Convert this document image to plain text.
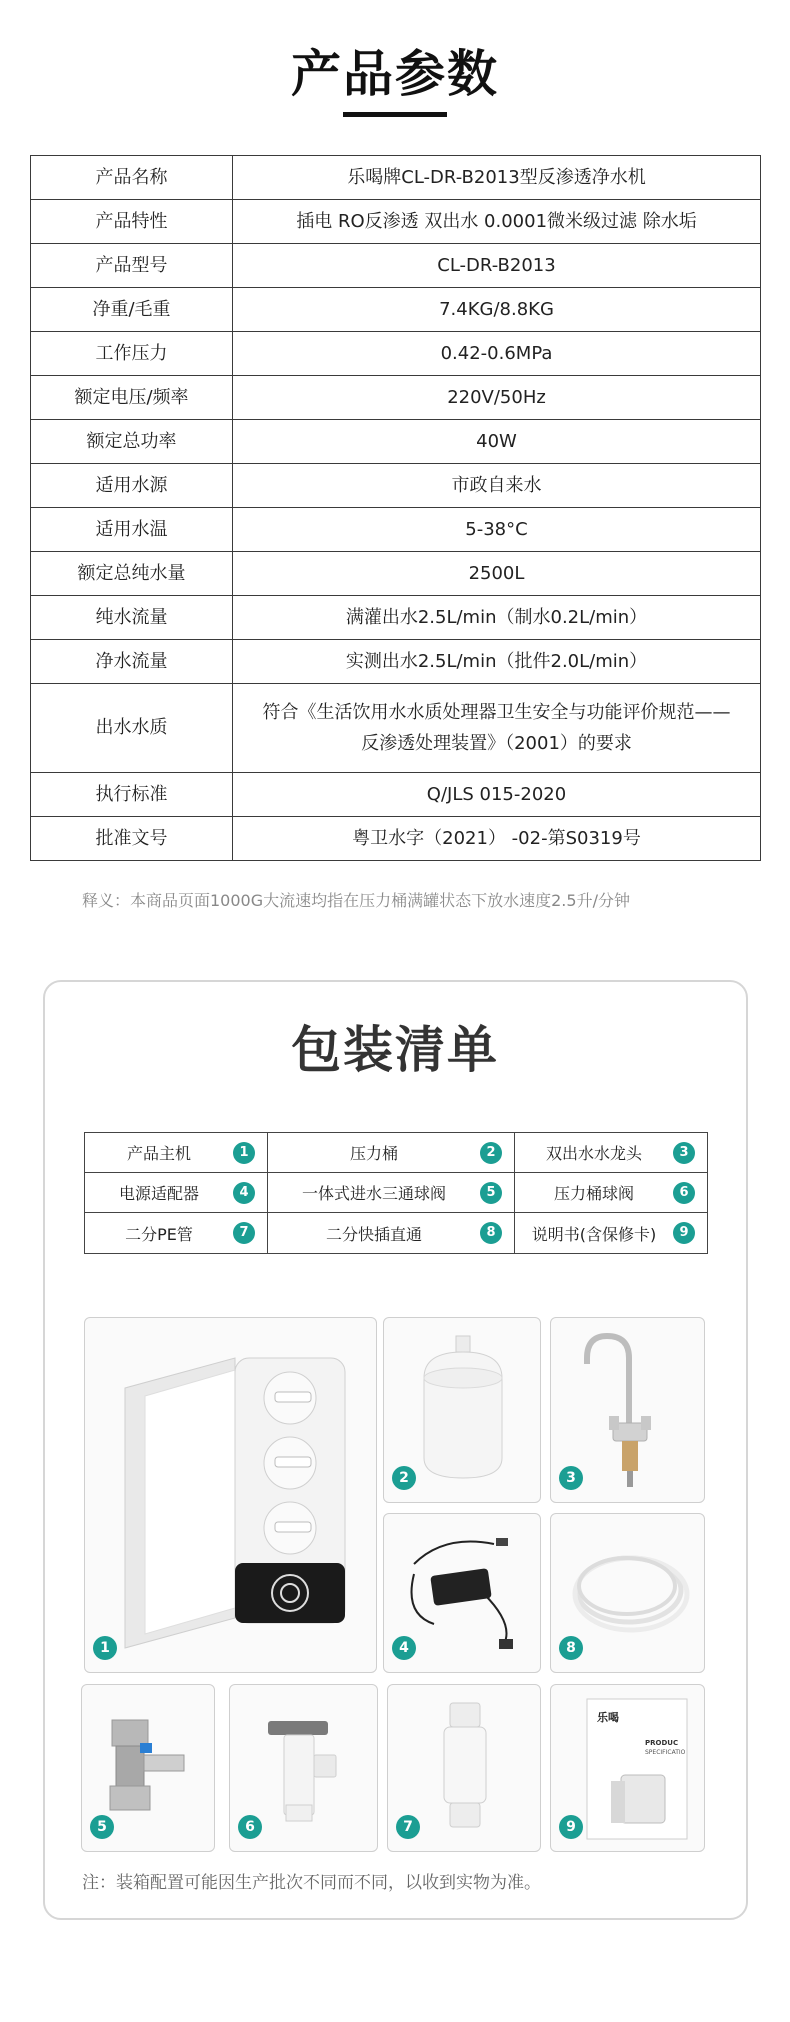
产品参数
产品名称	乐喝牌CL-DR-B2013型反渗透净水机
产品特性	插电 RO反渗透 双出水 0.0001微米级过滤 除水垢
产品型号	CL-DR-B2013
净重/毛重	7.4KG/8.8KG
工作压力	0.42-0.6MPa
额定电压/频率	220V/50Hz
额定总功率	40W
适用水源	市政自来水
适用水温	5-38°C
额定总纯水量	2500L
纯水流量	满灌出水2.5L/min（制水0.2L/min）
净水流量	实测出水2.5L/min（批件2.0L/min）
出水水质	符合《生活饮用水水质处理器卫生安全与功能评价规范——
反渗透处理装置》（2001）的要求

执行标准	Q/JLS 015-2020
批准文号	粤卫水字（2021） -02-第S0319号
释义：本商品页面1000G大流速均指在压力桶满罐状态下放水速度2.5升/分钟
包装清单
产品主机	1	压力桶	2	双出水水龙头	3
电源适配器	4	一体式进水三通球阀	5	压力桶球阀	6
二分PE管	7	二分快插直通	8	说明书(含保修卡)	9
1
2	3
4	8
5	6	7
乐喝
PRODUC
SPECIFICATIO
9
注：装箱配置可能因生产批次不同而不同，以收到实物为准。
